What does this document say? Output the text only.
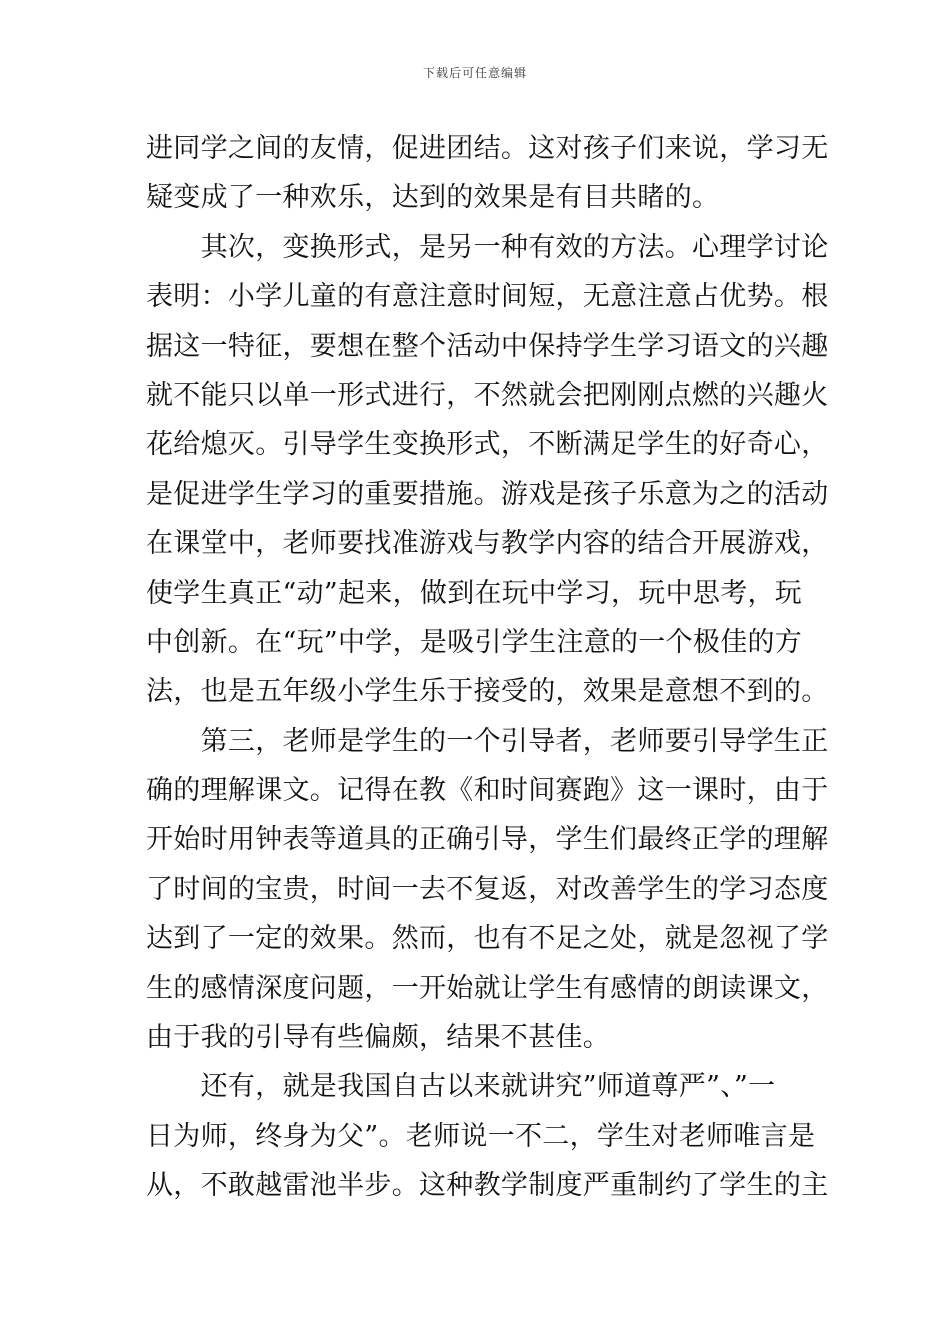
下载后可任意编辑
进同学之间的友情，促进团结。这对孩子们来说，学习无
疑变成了一种欢乐，达到的效果是有目共睹的。
　　其次，变换形式，是另一种有效的方法。心理学讨论
表明：小学儿童的有意注意时间短，无意注意占优势。根
据这一特征，要想在整个活动中保持学生学习语文的兴趣
就不能只以单一形式进行，不然就会把刚刚点燃的兴趣火
花给熄灭。引导学生变换形式，不断满足学生的好奇心，
是促进学生学习的重要措施。游戏是孩子乐意为之的活动
在课堂中，老师要找准游戏与教学内容的结合开展游戏，
使学生真正“动”起来，做到在玩中学习，玩中思考，玩
中创新。在“玩”中学，是吸引学生注意的一个极佳的方
法，也是五年级小学生乐于接受的，效果是意想不到的。
　　第三，老师是学生的一个引导者，老师要引导学生正
确的理解课文。记得在教《和时间赛跑》这一课时，由于
开始时用钟表等道具的正确引导，学生们最终正学的理解
了时间的宝贵，时间一去不复返，对改善学生的学习态度
达到了一定的效果。然而，也有不足之处，就是忽视了学
生的感情深度问题，一开始就让学生有感情的朗读课文，
由于我的引导有些偏颇，结果不甚佳。
　　还有，就是我国自古以来就讲究”师道尊严”、”一
日为师，终身为父”。老师说一不二，学生对老师唯言是
从，不敢越雷池半步。这种教学制度严重制约了学生的主
